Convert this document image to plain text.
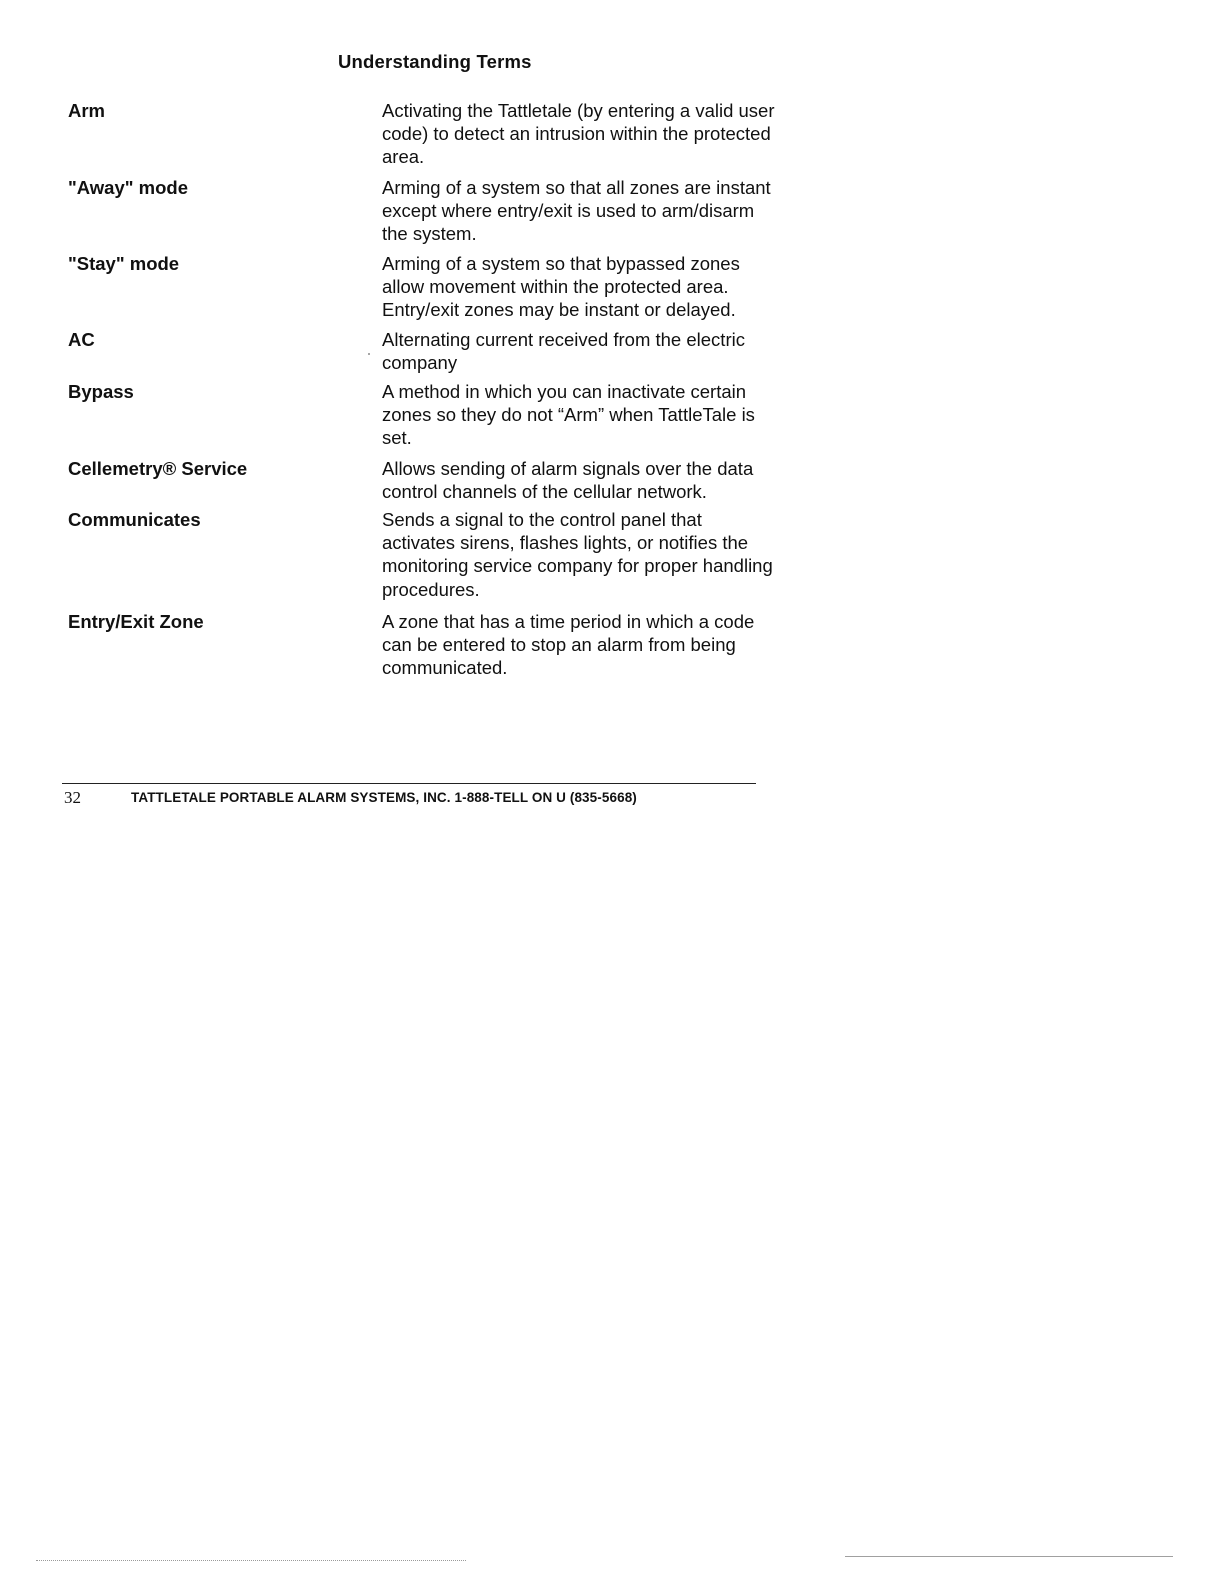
Understanding Terms
Arm	Activating the Tattletale (by entering a valid user
code) to detect an intrusion within the protected
area.
"Away" mode	Arming of a system so that all zones are instant
except where entry/exit is used to arm/disarm
the system.
"Stay" mode	Arming of a system so that bypassed zones
allow movement within the protected area.
Entry/exit zones may be instant or delayed.
AC	Alternating current received from the electric
company
Bypass	A method in which you can inactivate certain
zones so they do not “Arm” when TattleTale is
set.
Cellemetry® Service	Allows sending of alarm signals over the data
control channels of the cellular network.
Communicates	Sends a signal to the control panel that
activates sirens, flashes lights, or notifies the
monitoring service company for proper handling
procedures.
Entry/Exit Zone	A zone that has a time period in which a code
can be entered to stop an alarm from being
communicated.
32	TATTLETALE PORTABLE ALARM SYSTEMS, INC. 1-888-TELL ON U (835-5668)
